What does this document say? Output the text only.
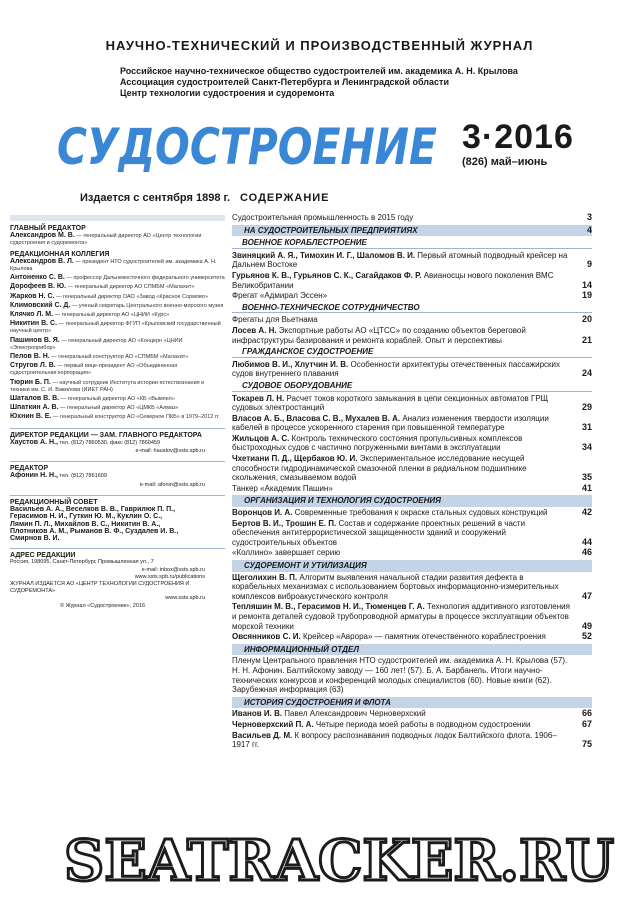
НАУЧНО-ТЕХНИЧЕСКИЙ И ПРОИЗВОДСТВЕННЫЙ ЖУРНАЛ
Российское научно-техническое общество судостроителей им. академика А. Н. Крылова
Ассоциация судостроителей Санкт-Петербурга и Ленинградской области
Центр технологии судостроения и судоремонта
СУДОСТРОЕНИЕ 3·2016
(826) май–июнь
Издается с сентября 1898 г. СОДЕРЖАНИЕ
ГЛАВНЫЙ РЕДАКТОР
Александров М. В. — генеральный директор АО «Центр технологии судостроения и судоремонта»
РЕДАКЦИОННАЯ КОЛЛЕГИЯ
Александров В. Л. — президент НТО судостроителей им. академика А. Н. Крылова
Антоненко С. В. — профессор Дальневосточного федерального университета
Дорофеев В. Ю. — генеральный директор АО СПМБМ «Малахит»
Жарков Н. С. — генеральный директор ОАО «Завод «Красное Сормово»
Климовский С. Д. — ученый секретарь Центрального военно-морского музея
Клячко Л. М. — генеральный директор АО «ЦНИИ «Курс»
Никитин В. С. — генеральный директор ФГУП «Крыловский государственный научный центр»
Пашинов В. Я. — генеральный директор АО «Концерн «ЦНИИ «Электроприбор»
Пелов В. Н. — генеральный конструктор АО «СПМБМ «Малахит»
Стругов Л. В. — первый вице-президент АО «Объединенная судостроительная корпорация»
Тюрин Б. П. — научный сотрудник Института истории естествознания и техники им. С. И. Вавилова (ИИЕТ РАН)
Шаталов В. В. — генеральный директор АО «КБ «Вымпел»
Шпаткин А. В. — генеральный директор АО «ЦМКБ «Алмаз»
Юхнин В. Е. — генеральный конструктор АО «Северное ПКБ» в 1979–2012 гг.
ДИРЕКТОР РЕДАКЦИИ — ЗАМ. ГЛАВНОГО РЕДАКТОРА
Хаустов А. Н., тел. (812) 7860530, факс (812) 7860459
e-mail: haustov@ssts.spb.ru
РЕДАКТОР
Афонин Н. Н., тел. (812) 7861609
e-mail: afonin@ssts.spb.ru
РЕДАКЦИОННЫЙ СОВЕТ
Васильев А. А., Веселков В. В., Гаврилюк П. П.,
Герасимов Н. И., Гуткин Ю. М., Куклин О. С.,
Лямин П. Л., Михайлов В. С., Никитин В. А.,
Плотников А. М., Рыманов В. Ф., Суздалев И. В.,
Смирнов В. И.
АДРЕС РЕДАКЦИИ
Россия, 198095, Санкт-Петербург, Промышленная ул., 7
e-mail: inbox@ssts.spb.ru
www.ssts.spb.ru/publications
ЖУРНАЛ ИЗДАЕТСЯ АО «ЦЕНТР ТЕХНОЛОГИИ СУДОСТРОЕНИЯ И СУДОРЕМОНТА»
www.ssts.spb.ru
© Журнал «Судостроение», 2016
Судостроительная промышленность в 2015 году	3
НА СУДОСТРОИТЕЛЬНЫХ ПРЕДПРИЯТИЯХ	4
ВОЕННОЕ КОРАБЛЕСТРОЕНИЕ
Звиняцкий А. Я., Тимохин И. Г., Шаломов В. И. Первый атомный подводный крейсер на Дальнем Востоке	9
Гурьянов К. В., Гурьянов С. К., Сагайдаков Ф. Р. Авианосцы нового поколения ВМС Великобритании	14
Фрегат «Адмирал Эссен»	19
ВОЕННО-ТЕХНИЧЕСКОЕ СОТРУДНИЧЕСТВО
Фрегаты для Вьетнама	20
Лосев А. Н. Экспортные работы АО «ЦТСС» по созданию объектов береговой инфраструктуры базирования и ремонта кораблей. Опыт и перспективы	21
ГРАЖДАНСКОЕ СУДОСТРОЕНИЕ
Любимов В. И., Хлутчин И. В. Особенности архитектуры отечественных пассажирских судов внутреннего плавания	24
СУДОВОЕ ОБОРУДОВАНИЕ
Токарев Л. Н. Расчет токов короткого замыкания в цепи секционных автоматов ГРЩ судовых электростанций	29
Власов А. Б., Власова С. В., Мухалев В. А. Анализ изменения твердости изоляции кабелей в процессе ускоренного старения при повышенной температуре	31
Жильцов А. С. Контроль технического состояния пропульсивных комплексов быстроходных судов с частично погруженными винтами в эксплуатации	34
Чхетиани П. Д., Щербаков Ю. И. Экспериментальное исследование несущей способности гидродинамической смазочной пленки в радиальном подшипнике скольжения, смазываемом водой	35
Танкер «Академик Пашин»	41
ОРГАНИЗАЦИЯ И ТЕХНОЛОГИЯ СУДОСТРОЕНИЯ
Воронцов И. А. Современные требования к окраске стальных судовых конструкций	42
Бертов В. И., Трошин Е. П. Состав и содержание проектных решений в части обеспечения антитеррористической защищенности зданий и сооружений судостроительных объектов	44
«Коллино» завершает серию	46
СУДОРЕМОНТ И УТИЛИЗАЦИЯ
Щеголихин В. П. Алгоритм выявления начальной стадии развития дефекта в корабельных механизмах с использованием бортовых информационно-измерительных комплексов виброакустического контроля	47
Тепляшин М. В., Герасимов Н. И., Тюменцев Г. А. Технология аддитивного изготовления и ремонта деталей судовой трубопроводной арматуры в процессе эксплуатации объектов морской техники	49
Овсянников С. И. Крейсер «Аврора» — памятник отечественного кораблестроения	52
ИНФОРМАЦИОННЫЙ ОТДЕЛ
Пленум Центрального правления НТО судостроителей им. академика А. Н. Крылова (57). Н. Н. Афонин. Балтийскому заводу — 160 лет! (57). Б. А. Барбанель. Итоги научно-технических конкурсов и конференций молодых специалистов (60). Новые книги (62). Зарубежная информация (63)
ИСТОРИЯ СУДОСТРОЕНИЯ И ФЛОТА
Иванов И. В. Павел Александрович Черноверхский	66
Черноверхский П. А. Четыре периода моей работы в подводном судостроении	67
Васильев Д. М. К вопросу распознавания подводных лодок Балтийского флота. 1906–1917 гг.	75
SEATRACKER.RU
